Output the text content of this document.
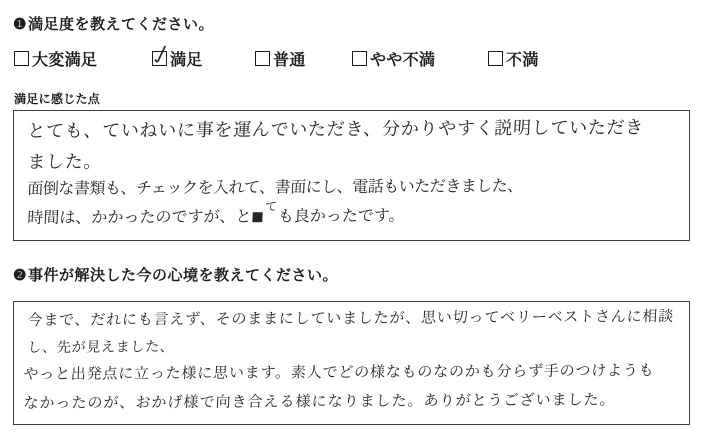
❶満足度を教えてください。
大変満足	満足	普通	やや不満	不満
満足に感じた点
とても、ていねいに事を運んでいただき、分かりやすく説明していただき
ました。
面倒な書類も、チェックを入れて、書面にし、電話もいただきました、
時間は、かかったのですが、と■ても良かったです。
❷事件が解決した今の心境を教えてください。
今まで、だれにも言えず、そのままにしていましたが、思い切ってベリーベストさんに相談
し、先が見えました、
やっと出発点に立った様に思います。素人でどの様なものなのかも分らず手のつけようも
なかったのが、おかげ様で向き合える様になりました。ありがとうございました。
